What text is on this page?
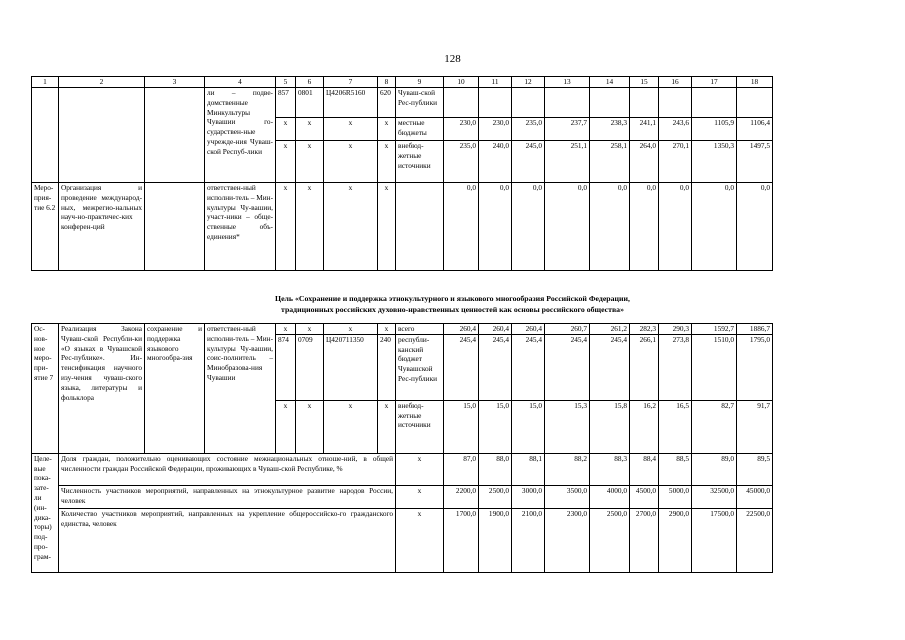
128
1	2	3	4	5	6	7	8	9	10	11	12	13	14	15	16	17	18
			ли – подве-домственные Минкультуры Чувашии го-сударствен-ные учрежде-ния Чуваш-ской Респуб-лики	857	0801	Ц4206R5160	620	Чуваш-ской Рес-публики									
				x	x	x	x	местные бюджеты	230,0	230,0	235,0	237,7	238,3	241,1	243,6	1105,9	1106,4
				x	x	x	x	внебюд-жетные источники	235,0	240,0	245,0	251,1	258,1	264,0	270,1	1350,3	1497,5
Меро-прия-тие 6.2	Организация и проведение международ-ных, межрегио-нальных науч-но-практичес-ких конферен-ций		ответствен-ный исполни-тель – Мин-культуры Чу-вашии, участ-ники – обще-ственные объ-единения*	x	x	x	x		0,0	0,0	0,0	0,0	0,0	0,0	0,0	0,0	0,0
Цель «Сохранение и поддержка этнокультурного и языкового многообразия Российской Федерации,
традиционных российских духовно-нравственных ценностей как основы российского общества»
Ос-нов-ное меро-при-ятие 7	Реализация Закона Чуваш-ской Республи-ки «О языках в Чувашской Рес-публике». Ин-тенсификация научного изу-чения чуваш-ского языка, литературы и фольклора	сохранение и поддержка языкового многообра-зия	ответствен-ный исполни-тель – Мин-культуры Чу-вашии, соис-полнитель – Минобразова-ния Чувашии	x	x	x	x	всего	260,4	260,4	260,4	260,7	261,2	282,3	290,3	1592,7	1886,7
				874	0709	Ц420711350	240	республи-канский бюджет Чувашской Рес-публики	245,4	245,4	245,4	245,4	245,4	266,1	273,8	1510,0	1795,0
				x	x	x	x	внебюд-жетные источники	15,0	15,0	15,0	15,3	15,8	16,2	16,5	82,7	91,7
Целе-вые пока-зате-ли (ин-дика-торы) под-про-грам-	Доля граждан, положительно оценивающих состояние межнациональных отноше-ний, в общей численности граждан Российской Федерации, проживающих в Чуваш-ской Республике, %							x	87,0	88,0	88,1	88,2	88,3	88,4	88,5	89,0	89,5
	Численность участников мероприятий, направленных на этнокультурное развитие народов России, человек							x	2200,0	2500,0	3000,0	3500,0	4000,0	4500,0	5000,0	32500,0	45000,0
	Количество участников мероприятий, направленных на укрепление общероссийско-го гражданского единства, человек							x	1700,0	1900,0	2100,0	2300,0	2500,0	2700,0	2900,0	17500,0	22500,0
